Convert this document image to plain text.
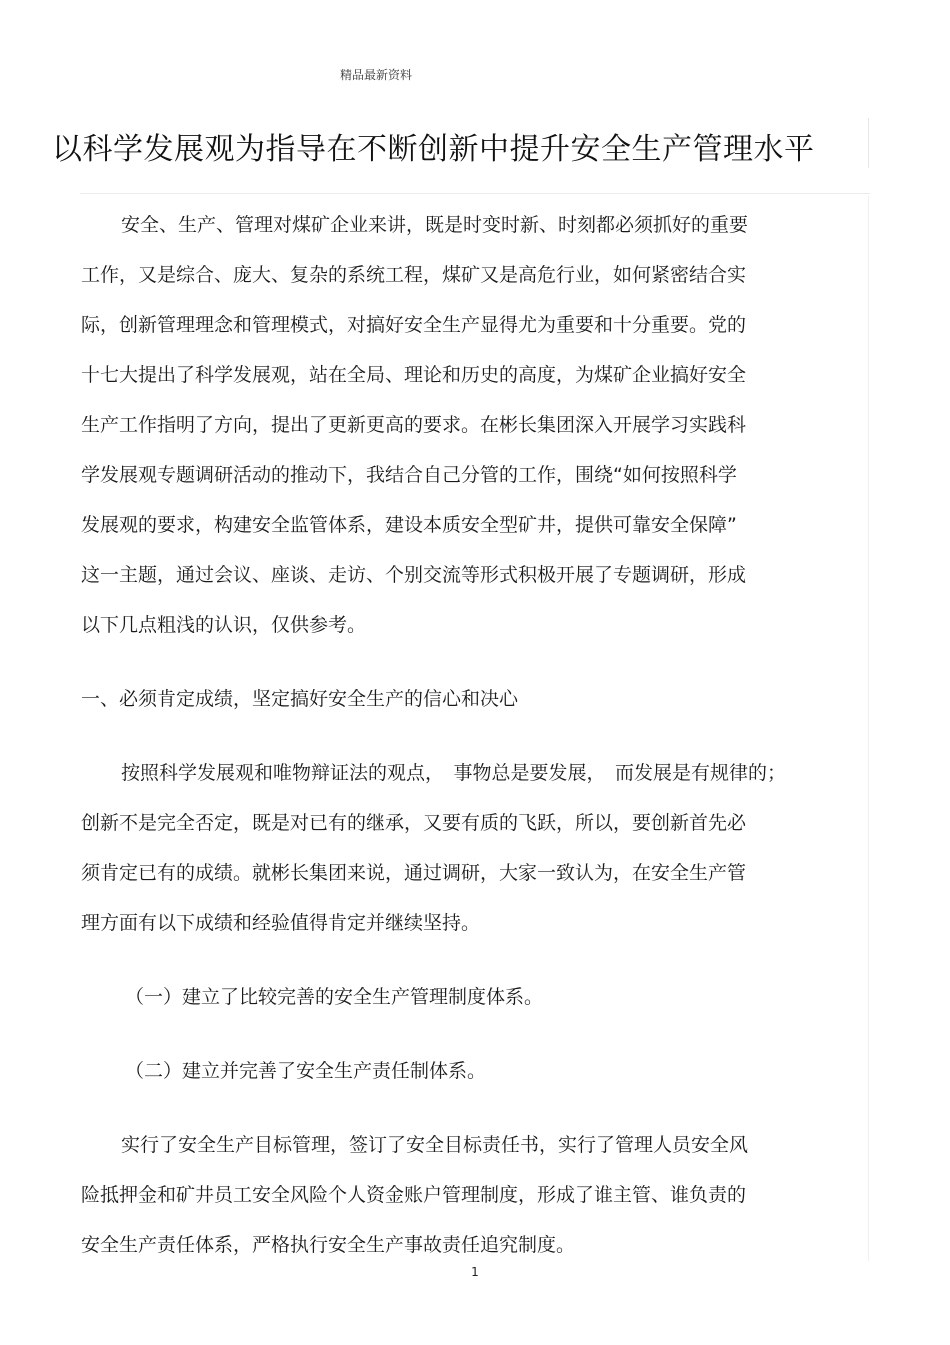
精品最新资料
以科学发展观为指导在不断创新中提升安全生产管理水平

安全、生产、管理对煤矿企业来讲，既是时变时新、时刻都必须抓好的重要
工作，又是综合、庞大、复杂的系统工程，煤矿又是高危行业，如何紧密结合实
际，创新管理理念和管理模式，对搞好安全生产显得尤为重要和十分重要。党的
十七大提出了科学发展观，站在全局、理论和历史的高度，为煤矿企业搞好安全
生产工作指明了方向，提出了更新更高的要求。在彬长集团深入开展学习实践科
学发展观专题调研活动的推动下，我结合自己分管的工作，围绕“如何按照科学
发展观的要求，构建安全监管体系，建设本质安全型矿井，提供可靠安全保障”
这一主题，通过会议、座谈、走访、个别交流等形式积极开展了专题调研，形成
以下几点粗浅的认识，仅供参考。

一、必须肯定成绩，坚定搞好安全生产的信心和决心

按照科学发展观和唯物辩证法的观点，　事物总是要发展，　而发展是有规律的；
创新不是完全否定，既是对已有的继承，又要有质的飞跃，所以，要创新首先必
须肯定已有的成绩。就彬长集团来说，通过调研，大家一致认为，在安全生产管
理方面有以下成绩和经验值得肯定并继续坚持。

（一）建立了比较完善的安全生产管理制度体系。

（二）建立并完善了安全生产责任制体系。

实行了安全生产目标管理，签订了安全目标责任书，实行了管理人员安全风
险抵押金和矿井员工安全风险个人资金账户管理制度，形成了谁主管、谁负责的
安全生产责任体系，严格执行安全生产事故责任追究制度。

1
